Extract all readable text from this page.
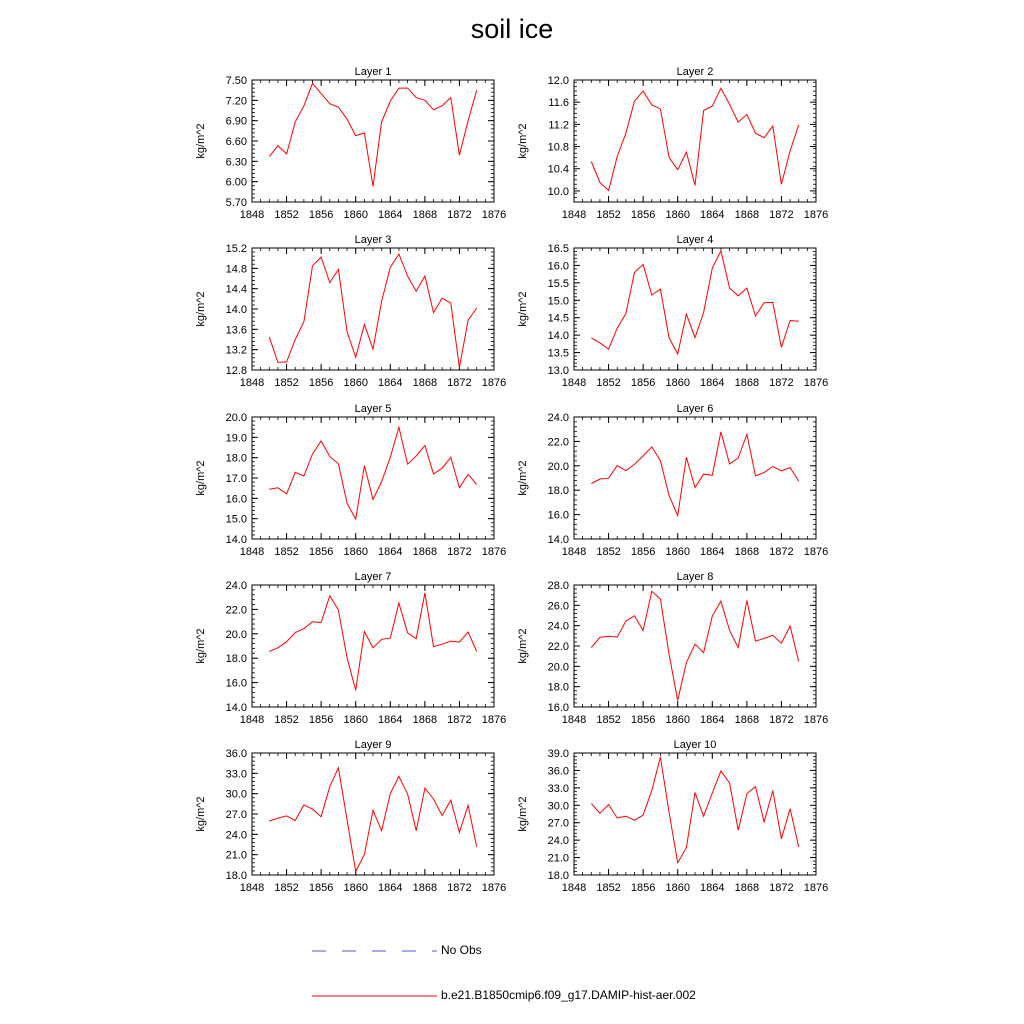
soil ice
Layer 1
kg/m^2
1848 1852 1856 1860 1864 1868 1872 1876
5.70
6.00
6.30
6.60
6.90
7.20
7.50
Layer 2
kg/m^2
1848 1852 1856 1860 1864 1868 1872 1876
10.0
10.4
10.8
11.2
11.6
12.0
Layer 3
kg/m^2
1848 1852 1856 1860 1864 1868 1872 1876
12.8
13.2
13.6
14.0
14.4
14.8
15.2
Layer 4
kg/m^2
1848 1852 1856 1860 1864 1868 1872 1876
13.0
13.5
14.0
14.5
15.0
15.5
16.0
16.5
Layer 5
kg/m^2
1848 1852 1856 1860 1864 1868 1872 1876
14.0
15.0
16.0
17.0
18.0
19.0
20.0
Layer 6
kg/m^2
1848 1852 1856 1860 1864 1868 1872 1876
14.0
16.0
18.0
20.0
22.0
24.0
Layer 7
kg/m^2
1848 1852 1856 1860 1864 1868 1872 1876
14.0
16.0
18.0
20.0
22.0
24.0
Layer 8
kg/m^2
1848 1852 1856 1860 1864 1868 1872 1876
16.0
18.0
20.0
22.0
24.0
26.0
28.0
Layer 9
kg/m^2
1848 1852 1856 1860 1864 1868 1872 1876
18.0
21.0
24.0
27.0
30.0
33.0
36.0
Layer 10
kg/m^2
1848 1852 1856 1860 1864 1868 1872 1876
18.0
21.0
24.0
27.0
30.0
33.0
36.0
39.0
No Obs
b.e21.B1850cmip6.f09_g17.DAMIP-hist-aer.002
